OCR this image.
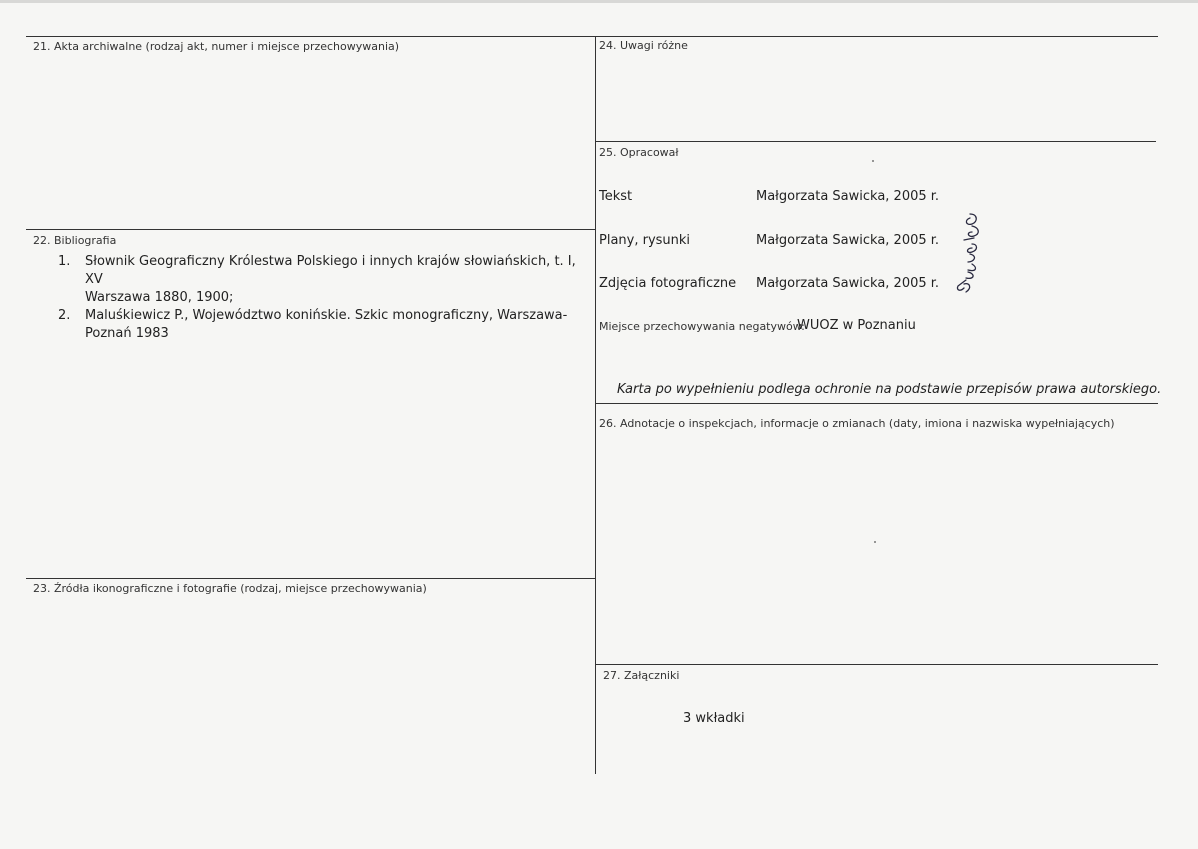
21. Akta archiwalne (rodzaj akt, numer i miejsce przechowywania)
22. Bibliografia
1. Słownik Geograficzny Królestwa Polskiego i innych krajów słowiańskich, t. I, XV
Warszawa 1880, 1900;
2. Maluśkiewicz P., Województwo konińskie. Szkic monograficzny, Warszawa-
Poznań 1983
23. Źródła ikonograficzne i fotografie (rodzaj, miejsce przechowywania)
24. Uwagi różne
25. Opracował
Tekst	Małgorzata Sawicka, 2005 r.
Plany, rysunki	Małgorzata Sawicka, 2005 r.
Zdjęcia fotograficzne Małgorzata Sawicka, 2005 r.
Miejsce przechowywania negatywów:
WUOZ w Poznaniu
Karta po wypełnieniu podlega ochronie na podstawie przepisów prawa autorskiego.
26. Adnotacje o inspekcjach, informacje o zmianach (daty, imiona i nazwiska wypełniających)
27. Załączniki
3 wkładki
